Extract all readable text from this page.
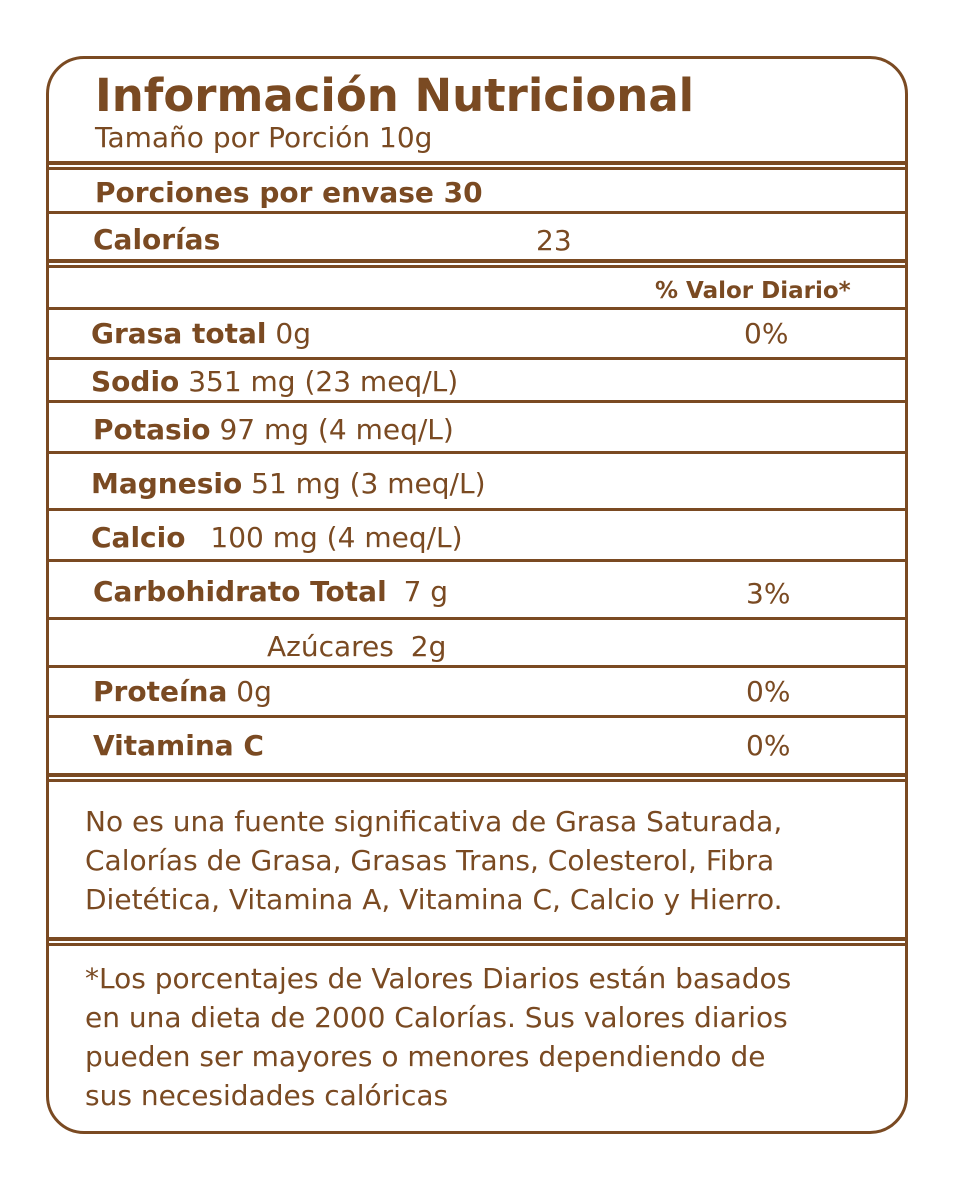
Información Nutricional
Tamaño por Porción 10g
Porciones por envase 30
Calorías	23
% Valor Diario*
Grasa total 0g	0%
Sodio 351 mg (23 meq/L)
Potasio 97 mg (4 meq/L)
Magnesio 51 mg (3 meq/L)
Calcio 100 mg (4 meq/L)
Carbohidrato Total 7 g	3%
Azúcares 2g
Proteína 0g	0%
Vitamina C	0%
No es una fuente significativa de Grasa Saturada,
Calorías de Grasa, Grasas Trans, Colesterol, Fibra
Dietética, Vitamina A, Vitamina C, Calcio y Hierro.
*Los porcentajes de Valores Diarios están basados
en una dieta de 2000 Calorías. Sus valores diarios
pueden ser mayores o menores dependiendo de
sus necesidades calóricas
